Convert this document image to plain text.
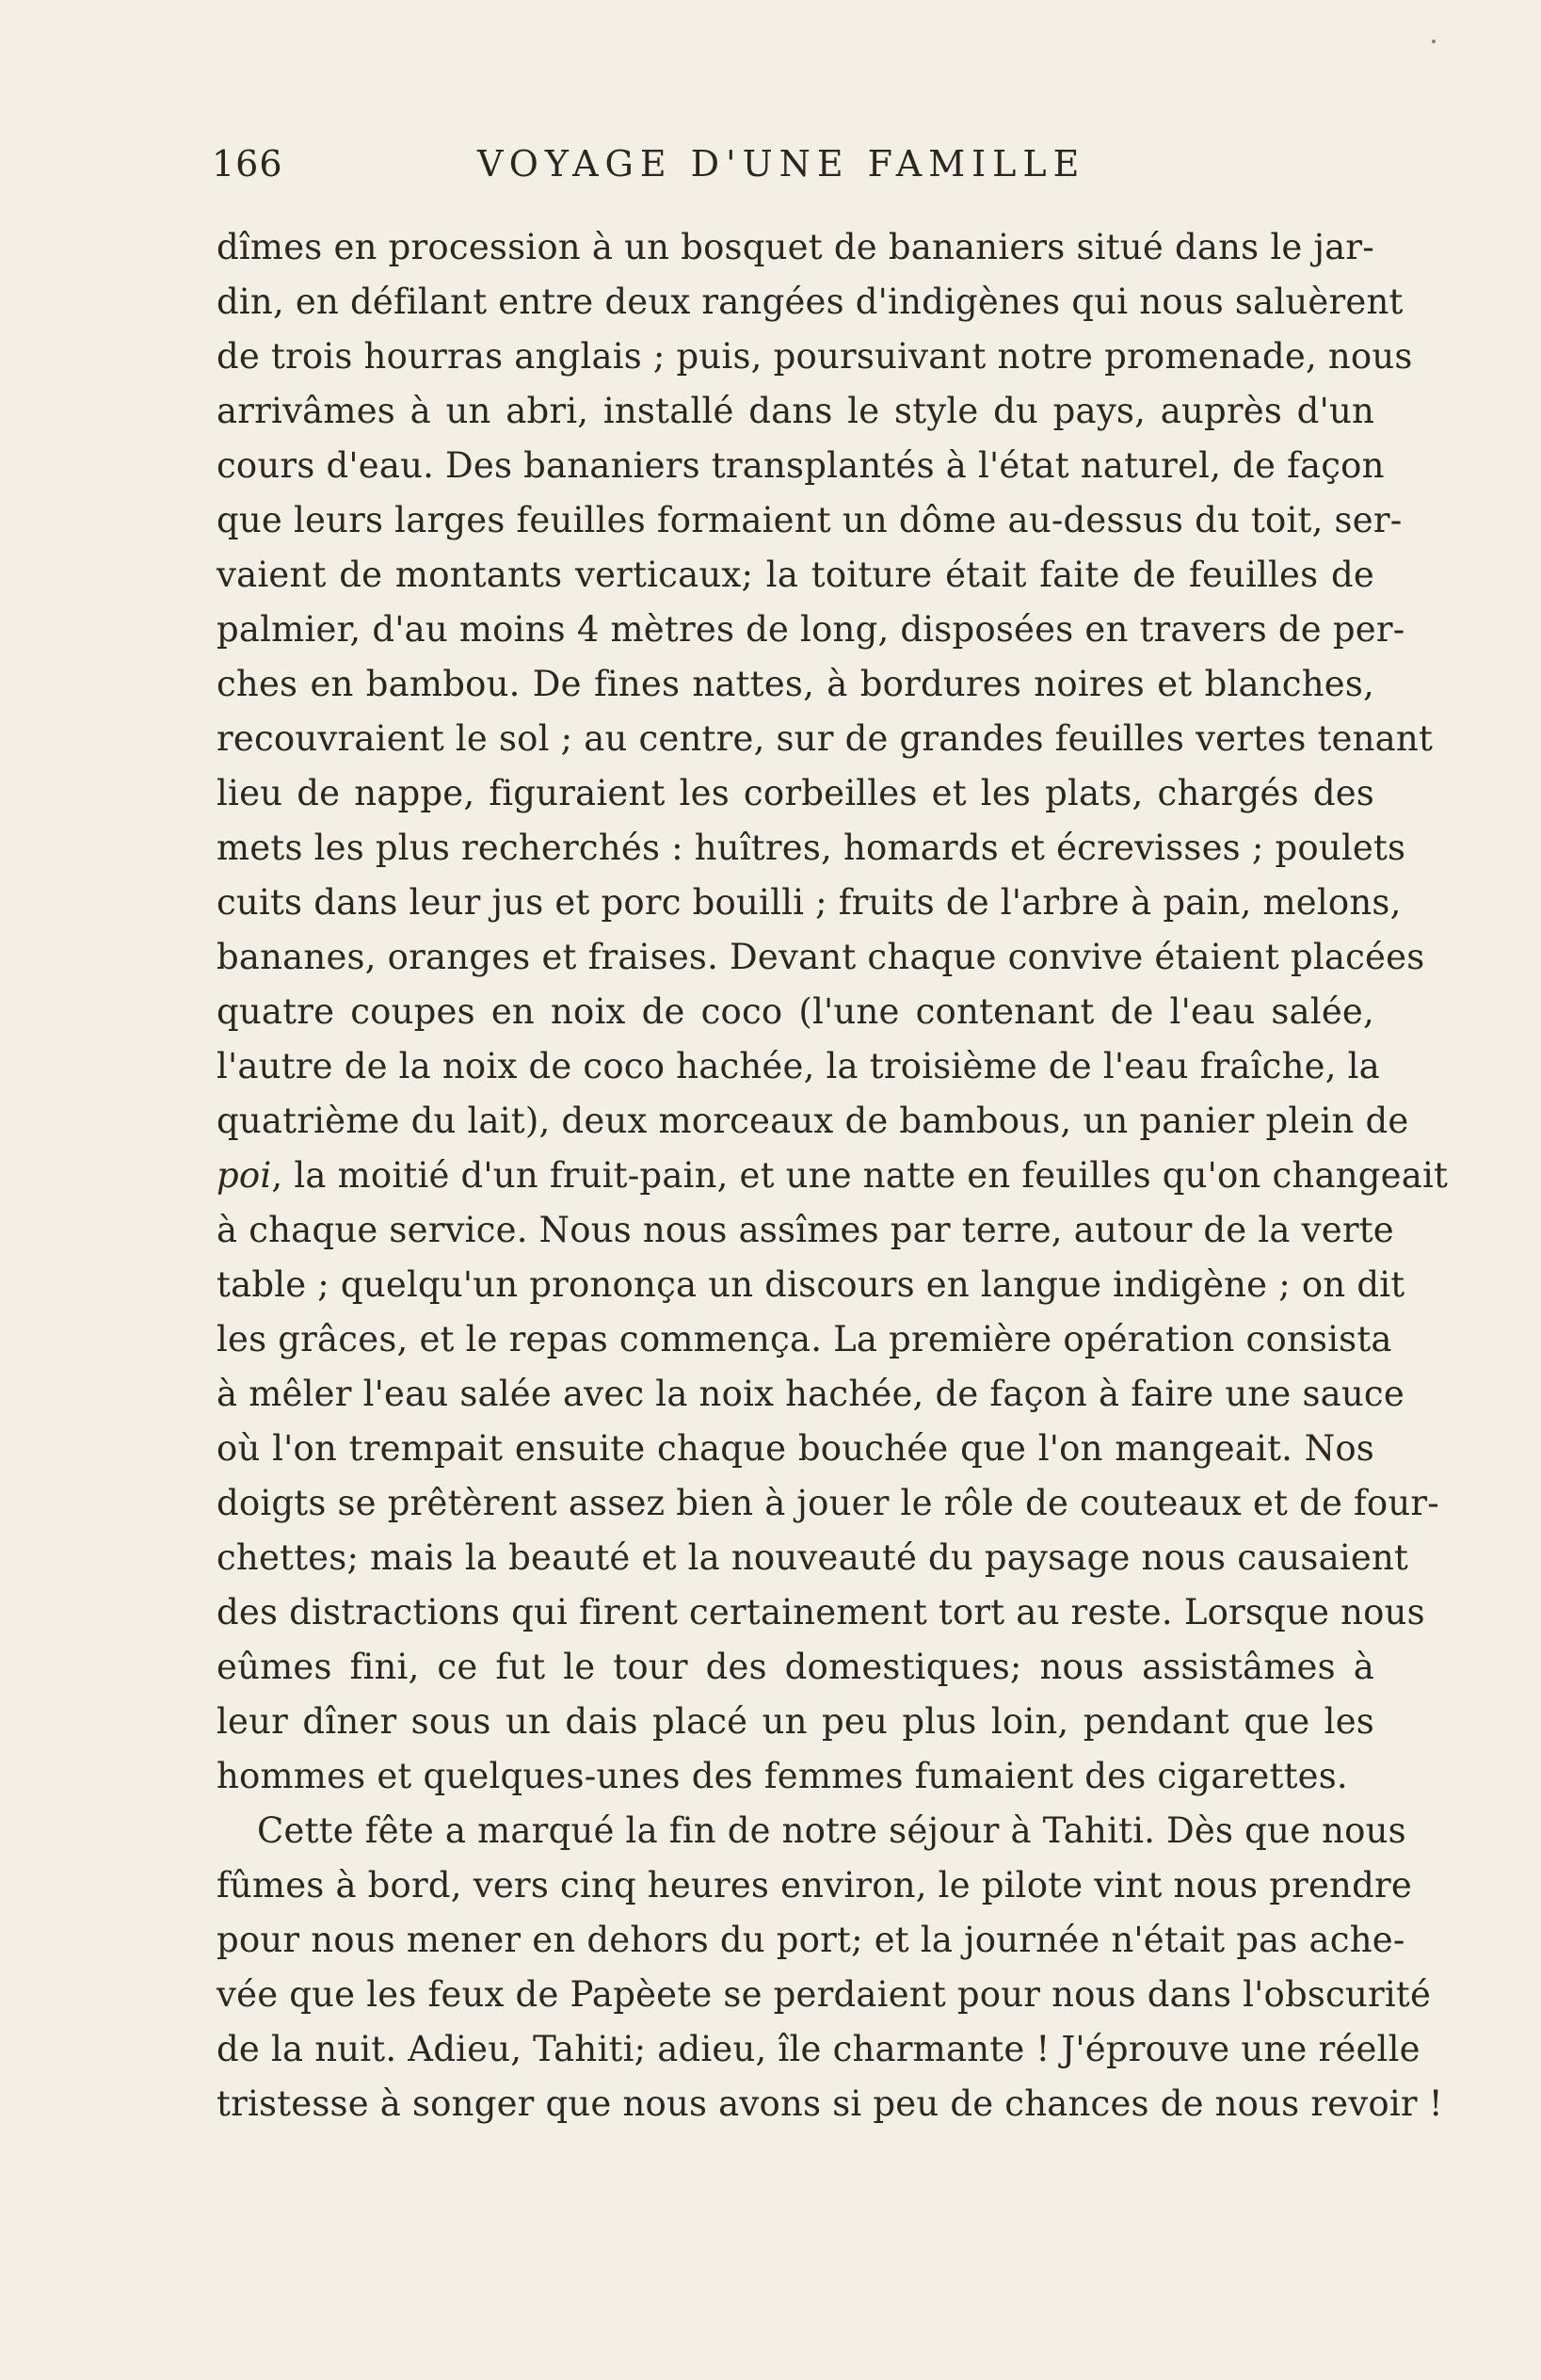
166	VOYAGE D'UNE FAMILLE
dîmes en procession à un bosquet de bananiers situé dans le jar-
din, en défilant entre deux rangées d'indigènes qui nous saluèrent
de trois hourras anglais ; puis, poursuivant notre promenade, nous
arrivâmes à un abri, installé dans le style du pays, auprès d'un
cours d'eau. Des bananiers transplantés à l'état naturel, de façon
que leurs larges feuilles formaient un dôme au-dessus du toit, ser-
vaient de montants verticaux; la toiture était faite de feuilles de
palmier, d'au moins 4 mètres de long, disposées en travers de per-
ches en bambou. De fines nattes, à bordures noires et blanches,
recouvraient le sol ; au centre, sur de grandes feuilles vertes tenant
lieu de nappe, figuraient les corbeilles et les plats, chargés des
mets les plus recherchés : huîtres, homards et écrevisses ; poulets
cuits dans leur jus et porc bouilli ; fruits de l'arbre à pain, melons,
bananes, oranges et fraises. Devant chaque convive étaient placées
quatre coupes en noix de coco (l'une contenant de l'eau salée,
l'autre de la noix de coco hachée, la troisième de l'eau fraîche, la
quatrième du lait), deux morceaux de bambous, un panier plein de
poi, la moitié d'un fruit-pain, et une natte en feuilles qu'on changeait
à chaque service. Nous nous assîmes par terre, autour de la verte
table ; quelqu'un prononça un discours en langue indigène ; on dit
les grâces, et le repas commença. La première opération consista
à mêler l'eau salée avec la noix hachée, de façon à faire une sauce
où l'on trempait ensuite chaque bouchée que l'on mangeait. Nos
doigts se prêtèrent assez bien à jouer le rôle de couteaux et de four-
chettes; mais la beauté et la nouveauté du paysage nous causaient
des distractions qui firent certainement tort au reste. Lorsque nous
eûmes fini, ce fut le tour des domestiques; nous assistâmes à
leur dîner sous un dais placé un peu plus loin, pendant que les
hommes et quelques-unes des femmes fumaient des cigarettes.
Cette fête a marqué la fin de notre séjour à Tahiti. Dès que nous
fûmes à bord, vers cinq heures environ, le pilote vint nous prendre
pour nous mener en dehors du port; et la journée n'était pas ache-
vée que les feux de Papèete se perdaient pour nous dans l'obscurité
de la nuit. Adieu, Tahiti; adieu, île charmante ! J'éprouve une réelle
tristesse à songer que nous avons si peu de chances de nous revoir !
